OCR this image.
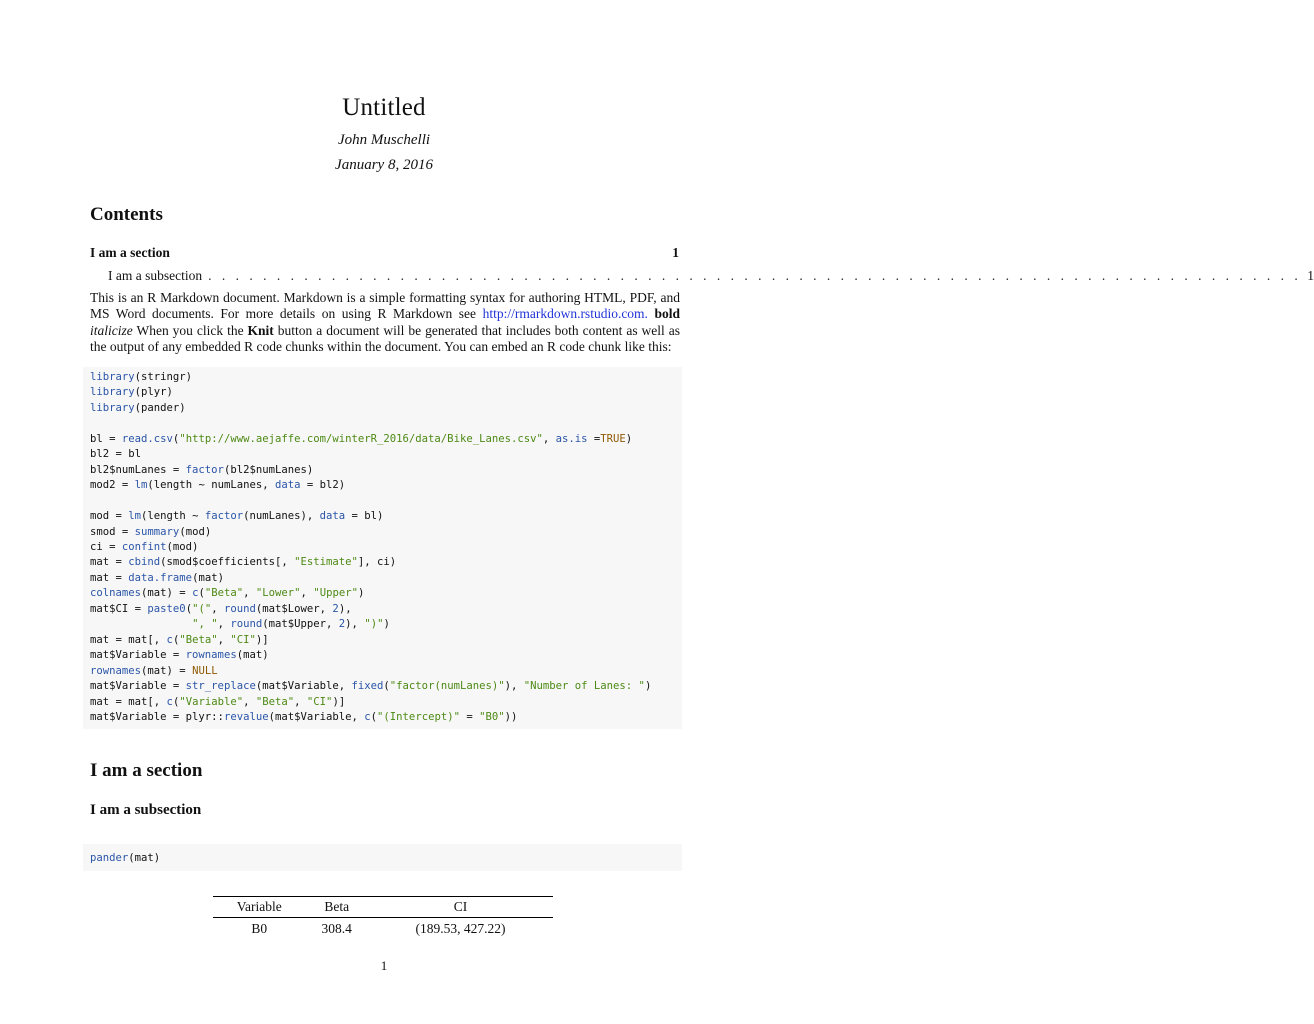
Untitled
John Muschelli
January 8, 2016
Contents
I am a section	1
I am a subsection . . . . . . . . . . . . . . . . . . . . . . . . . . . . . . . . . . . . . . . . . . . . . . . . . . . . . . . . . . . . . . . . . . . . . . . . . . . . . . . . 1
This is an R Markdown document. Markdown is a simple formatting syntax for authoring HTML, PDF, and MS Word documents. For more details on using R Markdown see http://rmarkdown.rstudio.com. bold italicize When you click the Knit button a document will be generated that includes both content as well as the output of any embedded R code chunks within the document. You can embed an R code chunk like this:
library(stringr)
library(plyr)
library(pander)

bl = read.csv("http://www.aejaffe.com/winterR_2016/data/Bike_Lanes.csv", as.is =TRUE)
bl2 = bl
bl2$numLanes = factor(bl2$numLanes)
mod2 = lm(length ~ numLanes, data = bl2)

mod = lm(length ~ factor(numLanes), data = bl)
smod = summary(mod)
ci = confint(mod)
mat = cbind(smod$coefficients[, "Estimate"], ci)
mat = data.frame(mat)
colnames(mat) = c("Beta", "Lower", "Upper")
mat$CI = paste0("(", round(mat$Lower, 2),
", ", round(mat$Upper, 2), ")")
mat = mat[, c("Beta", "CI")]
mat$Variable = rownames(mat)
rownames(mat) = NULL
mat$Variable = str_replace(mat$Variable, fixed("factor(numLanes)"), "Number of Lanes: ")
mat = mat[, c("Variable", "Beta", "CI")]
mat$Variable = plyr::revalue(mat$Variable, c("(Intercept)" = "B0"))
I am a section
I am a subsection
pander(mat)
Variable	Beta	CI
B0	308.4	(189.53, 427.22)
1
